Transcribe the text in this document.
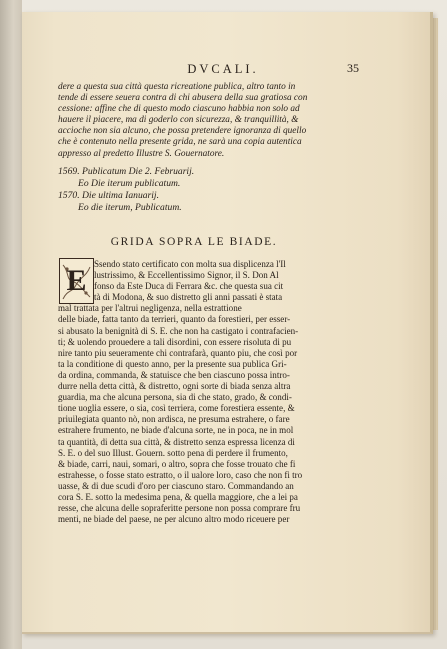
DVCALI.	35
dere a questa sua città questa ricreatione publica, altro tanto in
tende di essere seuera contra di chi abusera della sua gratiosa con
cessione: affine che di questo modo ciascuno habbia non solo ad
hauere il piacere, ma di goderlo con sicurezza, & tranquillità, &
accioche non sia alcuno, che possa pretendere ignoranza di quello
che è contenuto nella presente grida, ne sarà una copia autentica
appresso al predetto Illustre S. Gouernatore.
1569. Publicatum Die 2. Februarij.
Eo Die iterum publicatum.
1570. Die ultima Ianuarij.
Eo die iterum, Publicatum.
GRIDA SOPRA LE BIADE.
E Ssendo stato certificato con molta sua displicenza l'Il
lustrissimo, & Eccellentissimo Signor, il S. Don Al
fonso da Este Duca di Ferrara &c. che questa sua cit
tà di Modona, & suo distretto gli anni passati è stata
mal trattata per l'altrui negligenza, nella estrattione
delle biade, fatta tanto da terrieri, quanto da forestieri, per esser-
si abusato la benignità di S. E. che non ha castigato i contrafacien-
ti; & uolendo prouedere a tali disordini, con essere risoluta di pu
nire tanto piu seueramente chi contrafarà, quanto piu, che così por
ta la conditione di questo anno, per la presente sua publica Gri-
da ordina, commanda, & statuisce che ben ciascuno possa intro-
durre nella detta città, & distretto, ogni sorte di biada senza altra
guardia, ma che alcuna persona, sia di che stato, grado, & condi-
tione uoglia essere, o sia, così terriera, come forestiera essente, &
priuilegiata quanto nò, non ardisca, ne presuma estrahere, o fare
estrahere frumento, ne biade d'alcuna sorte, ne in poca, ne in mol
ta quantità, di detta sua città, & distretto senza espressa licenza di
S. E. o del suo Illust. Gouern. sotto pena di perdere il frumento,
& biade, carri, naui, somari, o altro, sopra che fosse trouato che fi
estrahesse, o fosse stato estratto, o il ualore loro, caso che non fi tro
uasse, & di due scudi d'oro per ciascuno staro. Commandando an
cora S. E. sotto la medesima pena, & quella maggiore, che a lei pa
resse, che alcuna delle sopraferitte persone non possa comprare fru
menti, ne biade del paese, ne per alcuno altro modo riceuere per
